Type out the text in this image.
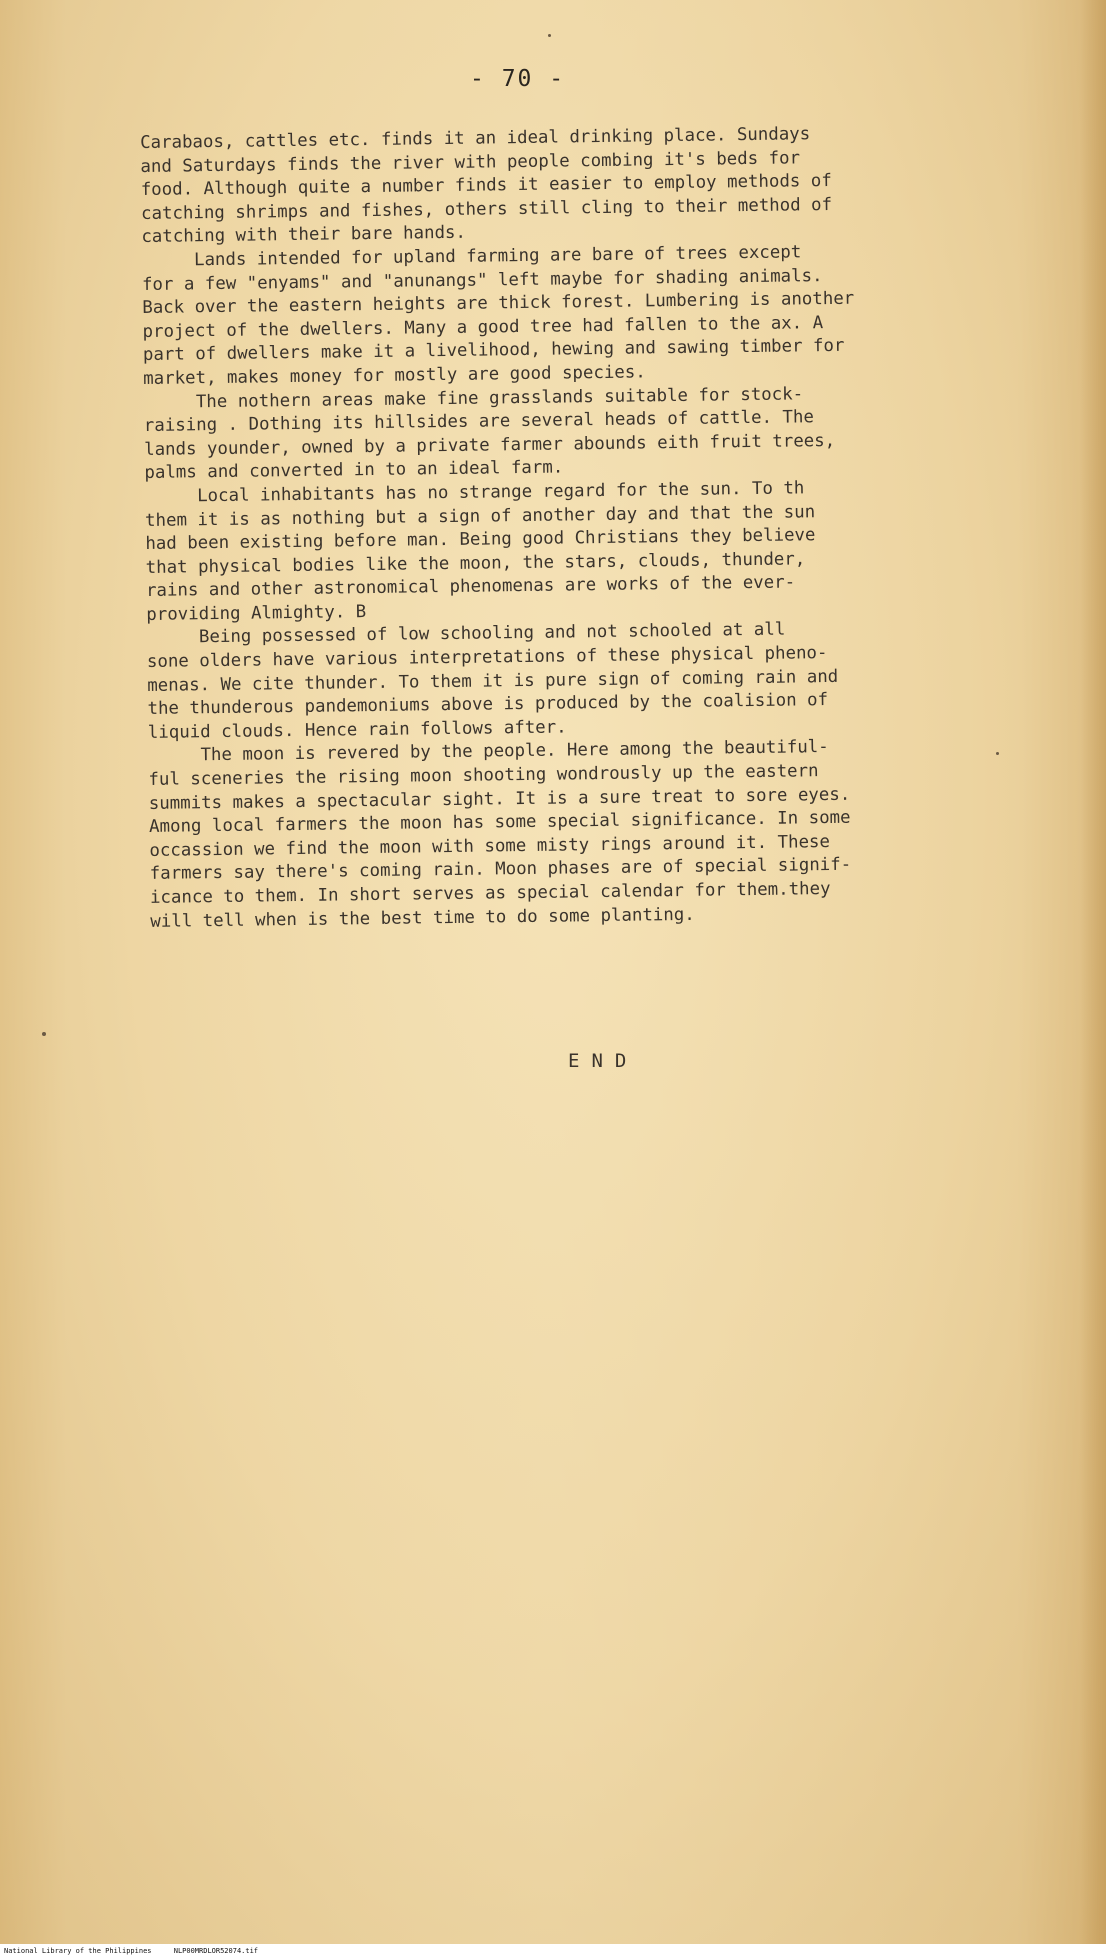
- 70 -
Carabaos, cattles etc. finds it an ideal drinking place. Sundays
and Saturdays finds the river with people combing it's beds for
food. Although quite a number finds it easier to employ methods of
catching shrimps and fishes, others still cling to their method of
catching with their bare hands.
Lands intended for upland farming are bare of trees except
for a few "enyams" and "anunangs" left maybe for shading animals.
Back over the eastern heights are thick forest. Lumbering is another
project of the dwellers. Many a good tree had fallen to the ax. A
part of dwellers make it a livelihood, hewing and sawing timber for
market, makes money for mostly are good species.
The nothern areas make fine grasslands suitable for stock-
raising . Dothing its hillsides are several heads of cattle. The
lands younder, owned by a private farmer abounds eith fruit trees,
palms and converted in to an ideal farm.
Local inhabitants has no strange regard for the sun. To th
them it is as nothing but a sign of another day and that the sun
had been existing before man. Being good Christians they believe
that physical bodies like the moon, the stars, clouds, thunder,
rains and other astronomical phenomenas are works of the ever-
providing Almighty. B
Being possessed of low schooling and not schooled at all
sone olders have various interpretations of these physical pheno-
menas. We cite thunder. To them it is pure sign of coming rain and
the thunderous pandemoniums above is produced by the coalision of
liquid clouds. Hence rain follows after.
The moon is revered by the people. Here among the beautiful-
ful sceneries the rising moon shooting wondrously up the eastern
summits makes a spectacular sight. It is a sure treat to sore eyes.
Among local farmers the moon has some special significance. In some
occassion we find the moon with some misty rings around it. These
farmers say there's coming rain. Moon phases are of special signif-
icance to them. In short serves as special calendar for them.they
will tell when is the best time to do some planting.
END
National Library of the Philippines	NLP00MRDLOR52074.tif
